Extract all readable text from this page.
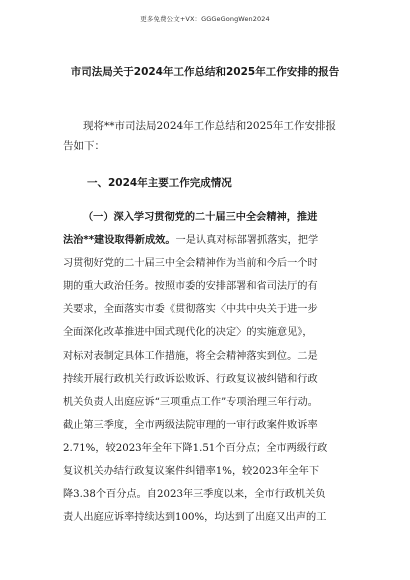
更多免费公文+VX：GGGeGongWen2024
市司法局关于2024年工作总结和2025年工作安排的报告
现将**市司法局2024年工作总结和2025年工作安排报
告如下：
一、2024年主要工作完成情况
（一）深入学习贯彻党的二十届三中全会精神，推进
法治**建设取得新成效。一是认真对标部署抓落实，把学
习贯彻好党的二十届三中全会精神作为当前和今后一个时
期的重大政治任务。按照市委的安排部署和省司法厅的有
关要求，全面落实市委《贯彻落实〈中共中央关于进一步
全面深化改革推进中国式现代化的决定〉的实施意见》，
对标对表制定具体工作措施，将全会精神落实到位。二是
持续开展行政机关行政诉讼败诉、行政复议被纠错和行政
机关负责人出庭应诉“三项重点工作”专项治理三年行动。
截止第三季度，全市两级法院审理的一审行政案件败诉率
2.71%，较2023年全年下降1.51个百分点；全市两级行政
复议机关办结行政复议案件纠错率1%，较2023年全年下
降3.38个百分点。自2023年三季度以来，全市行政机关负
责人出庭应诉率持续达到100%，均达到了出庭又出声的工
